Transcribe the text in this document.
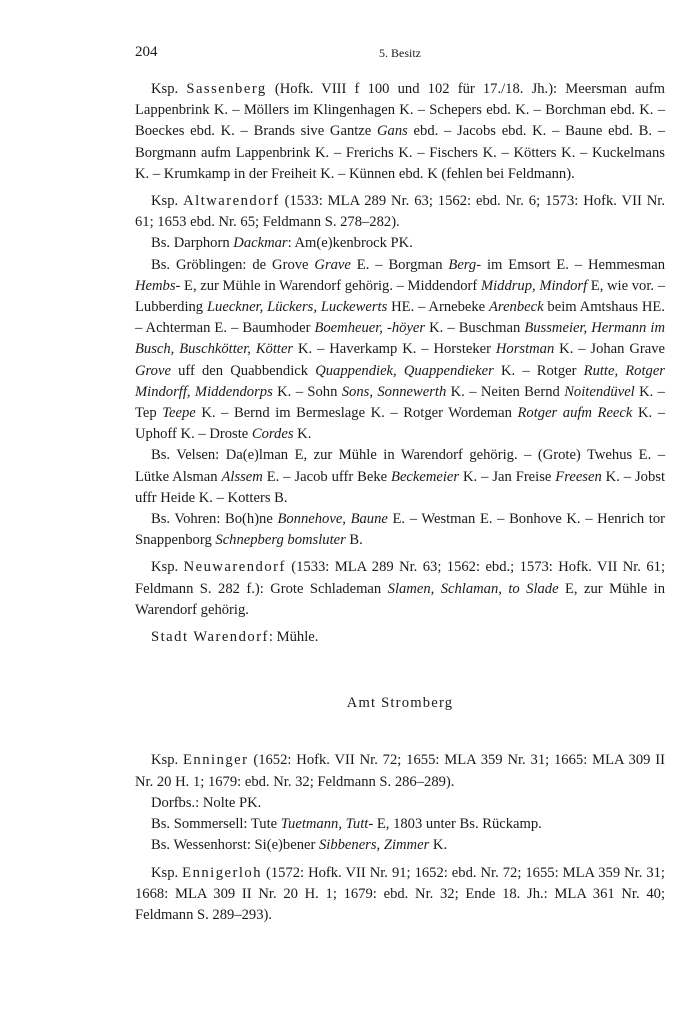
204	5. Besitz

Ksp. Sassenberg (Hofk. VIII f 100 und 102 für 17./18. Jh.): Meersman aufm Lappenbrink K. – Möllers im Klingenhagen K. – Schepers ebd. K. – Borchman ebd. K. – Boeckes ebd. K. – Brands sive Gantze Gans ebd. – Jacobs ebd. K. – Baune ebd. B. – Borgmann aufm Lappenbrink K. – Frerichs K. – Fischers K. – Kötters K. – Kuckelmans K. – Krumkamp in der Freiheit K. – Künnen ebd. K (fehlen bei Feldmann).

Ksp. Altwarendorf (1533: MLA 289 Nr. 63; 1562: ebd. Nr. 6; 1573: Hofk. VII Nr. 61; 1653 ebd. Nr. 65; Feldmann S. 278–282).

Bs. Darphorn Dackmar: Am(e)kenbrock PK.

Bs. Gröblingen: de Grove Grave E. – Borgman Berg- im Emsort E. – Hemmesman Hembs- E, zur Mühle in Warendorf gehörig. – Middendorf Middrup, Mindorf E, wie vor. – Lubberding Lueckner, Lückers, Luckewerts HE. – Arnebeke Arenbeck beim Amtshaus HE. – Achterman E. – Baumhoder Boemheuer, -höyer K. – Buschman Bussmeier, Hermann im Busch, Buschkötter, Kötter K. – Haverkamp K. – Horsteker Horstman K. – Johan Grave Grove uff den Quabbendick Quappendiek, Quappendieker K. – Rotger Rutte, Rotger Mindorff, Middendorps K. – Sohn Sons, Sonnewerth K. – Neiten Bernd Noitendüvel K. – Tep Teepe K. – Bernd im Bermeslage K. – Rotger Wordeman Rotger aufm Reeck K. – Uphoff K. – Droste Cordes K.

Bs. Velsen: Da(e)lman E, zur Mühle in Warendorf gehörig. – (Grote) Twehus E. – Lütke Alsman Alssem E. – Jacob uffr Beke Beckemeier K. – Jan Freise Freesen K. – Jobst uffr Heide K. – Kotters B.

Bs. Vohren: Bo(h)ne Bonnehove, Baune E. – Westman E. – Bonhove K. – Henrich tor Snappenborg Schnepberg bomsluter B.

Ksp. Neuwarendorf (1533: MLA 289 Nr. 63; 1562: ebd.; 1573: Hofk. VII Nr. 61; Feldmann S. 282 f.): Grote Schlademan Slamen, Schlaman, to Slade E, zur Mühle in Warendorf gehörig.

Stadt Warendorf: Mühle.

Amt Stromberg

Ksp. Enninger (1652: Hofk. VII Nr. 72; 1655: MLA 359 Nr. 31; 1665: MLA 309 II Nr. 20 H. 1; 1679: ebd. Nr. 32; Feldmann S. 286–289).

Dorfbs.: Nolte PK.

Bs. Sommersell: Tute Tuetmann, Tutt- E, 1803 unter Bs. Rückamp.

Bs. Wessenhorst: Si(e)bener Sibbeners, Zimmer K.

Ksp. Ennigerloh (1572: Hofk. VII Nr. 91; 1652: ebd. Nr. 72; 1655: MLA 359 Nr. 31; 1668: MLA 309 II Nr. 20 H. 1; 1679: ebd. Nr. 32; Ende 18. Jh.: MLA 361 Nr. 40; Feldmann S. 289–293).
